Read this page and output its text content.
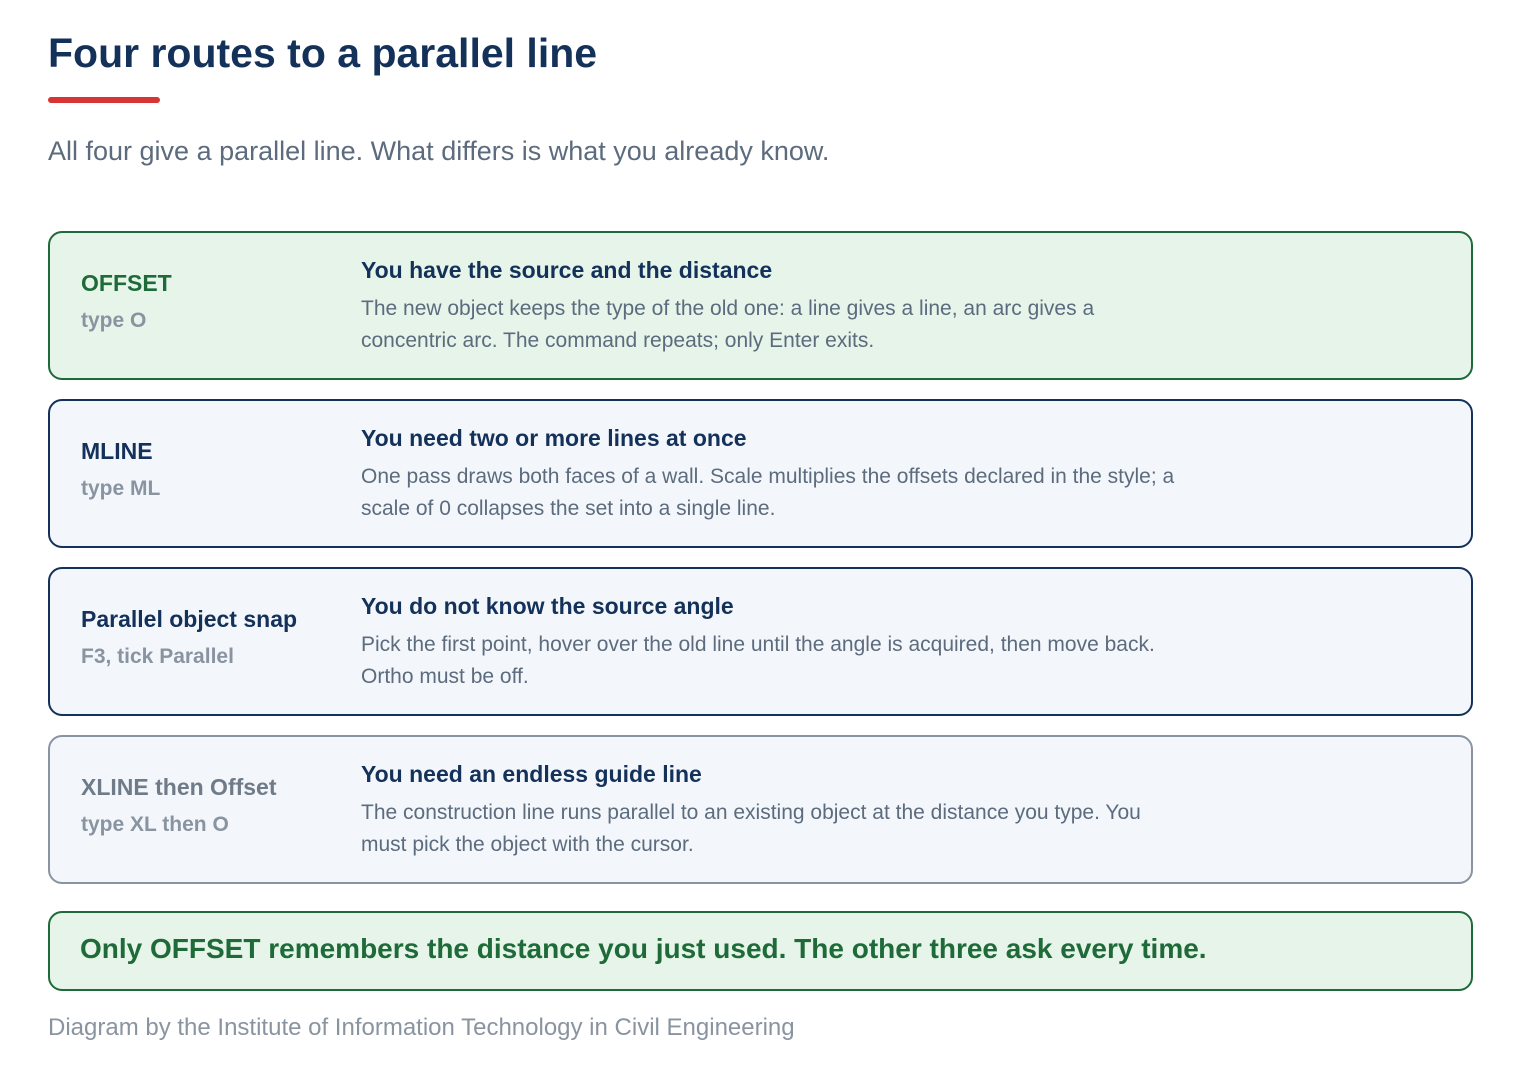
Four routes to a parallel line

All four give a parallel line. What differs is what you already know.

OFFSET
type O
You have the source and the distance
The new object keeps the type of the old one: a line gives a line, an arc gives a concentric arc. The command repeats; only Enter exits.
MLINE
type ML
You need two or more lines at once
One pass draws both faces of a wall. Scale multiplies the offsets declared in the style; a scale of 0 collapses the set into a single line.
Parallel object snap
F3, tick Parallel
You do not know the source angle
Pick the first point, hover over the old line until the angle is acquired, then move back. Ortho must be off.
XLINE then Offset
type XL then O
You need an endless guide line
The construction line runs parallel to an existing object at the distance you type. You must pick the object with the cursor.
Only OFFSET remembers the distance you just used. The other three ask every time.
Diagram by the Institute of Information Technology in Civil Engineering
